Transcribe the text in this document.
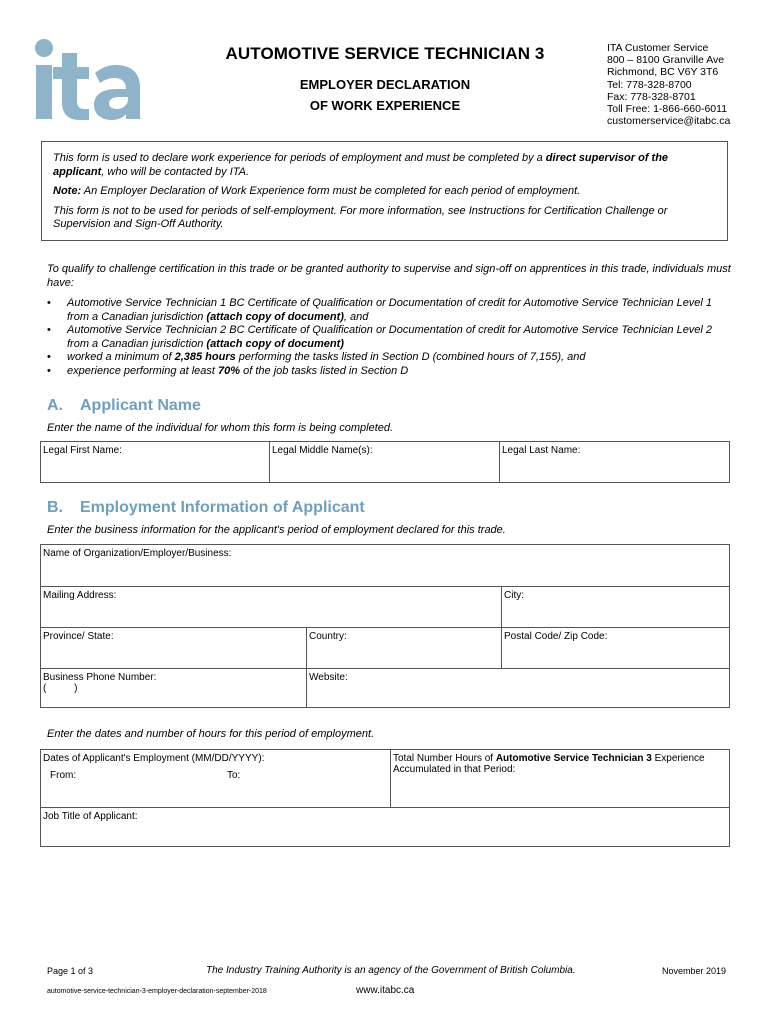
AUTOMOTIVE SERVICE TECHNICIAN 3
EMPLOYER DECLARATION
OF WORK EXPERIENCE
ITA Customer Service
800 – 8100 Granville Ave
Richmond, BC V6Y 3T6
Tel: 778-328-8700
Fax: 778-328-8701
Toll Free: 1-866-660-6011
customerservice@itabc.ca

This form is used to declare work experience for periods of employment and must be completed by a direct supervisor of the applicant, who will be contacted by ITA.

Note: An Employer Declaration of Work Experience form must be completed for each period of employment.

This form is not to be used for periods of self-employment. For more information, see Instructions for Certification Challenge or Supervision and Sign-Off Authority.

To qualify to challenge certification in this trade or be granted authority to supervise and sign-off on apprentices in this trade, individuals must have:
• Automotive Service Technician 1 BC Certificate of Qualification or Documentation of credit for Automotive Service Technician Level 1 from a Canadian jurisdiction (attach copy of document), and
• Automotive Service Technician 2 BC Certificate of Qualification or Documentation of credit for Automotive Service Technician Level 2 from a Canadian jurisdiction (attach copy of document)
• worked a minimum of 2,385 hours performing the tasks listed in Section D (combined hours of 7,155), and
• experience performing at least 70% of the job tasks listed in Section D
A. Applicant Name
Enter the name of the individual for whom this form is being completed.
Legal First Name:	Legal Middle Name(s):	Legal Last Name:
B. Employment Information of Applicant
Enter the business information for the applicant's period of employment declared for this trade.
Name of Organization/Employer/Business:		
Mailing Address:		City:
Province/ State:	Country:	Postal Code/ Zip Code:

Business Phone Number:
(          )	Website:	
Enter the dates and number of hours for this period of employment.
Dates of Applicant's Employment (MM/DD/YYYY):
From:	To:
	Total Number Hours of Automotive Service Technician 3 Experience Accumulated in that Period:
Job Title of Applicant:
Page 1 of 3	The Industry Training Authority is an agency of the Government of British Columbia.	November 2019
automotive-service-technician-3-employer-declaration-september-2018	www.itabc.ca
